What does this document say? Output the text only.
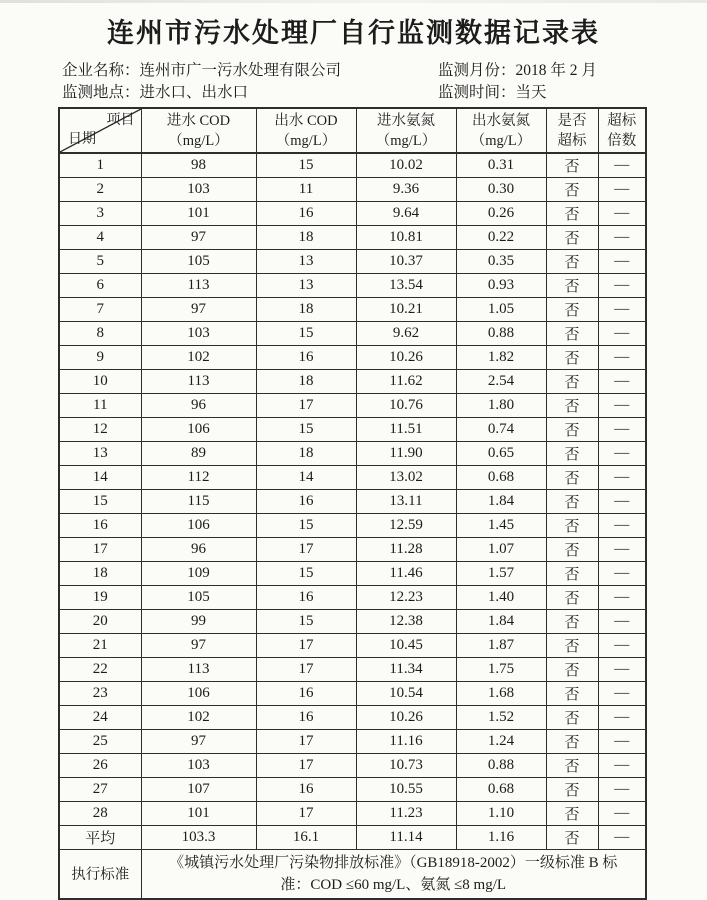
连州市污水处理厂自行监测数据记录表
企业名称：连州市广一污水处理有限公司	监测月份：2018 年 2 月
监测地点：进水口、出水口	监测时间：当天
项目
日期

进水 COD
（mg/L）

出水 COD
（mg/L）

进水氨氮
（mg/L）

出水氨氮
（mg/L）

是否
超标

超标
倍数

1	98	15	10.02	0.31	否	—
2	103	11	9.36	0.30	否	—
3	101	16	9.64	0.26	否	—
4	97	18	10.81	0.22	否	—
5	105	13	10.37	0.35	否	—
6	113	13	13.54	0.93	否	—
7	97	18	10.21	1.05	否	—
8	103	15	9.62	0.88	否	—
9	102	16	10.26	1.82	否	—
10	113	18	11.62	2.54	否	—
11	96	17	10.76	1.80	否	—
12	106	15	11.51	0.74	否	—
13	89	18	11.90	0.65	否	—
14	112	14	13.02	0.68	否	—
15	115	16	13.11	1.84	否	—
16	106	15	12.59	1.45	否	—
17	96	17	11.28	1.07	否	—
18	109	15	11.46	1.57	否	—
19	105	16	12.23	1.40	否	—
20	99	15	12.38	1.84	否	—
21	97	17	10.45	1.87	否	—
22	113	17	11.34	1.75	否	—
23	106	16	10.54	1.68	否	—
24	102	16	10.26	1.52	否	—
25	97	17	11.16	1.24	否	—
26	103	17	10.73	0.88	否	—
27	107	16	10.55	0.68	否	—
28	101	17	11.23	1.10	否	—
平均	103.3	16.1	11.14	1.16	否	—
执行标准	《城镇污水处理厂污染物排放标准》（GB18918-2002）一级标准 B 标准：COD ≤60 mg/L、氨氮 ≤8 mg/L					
